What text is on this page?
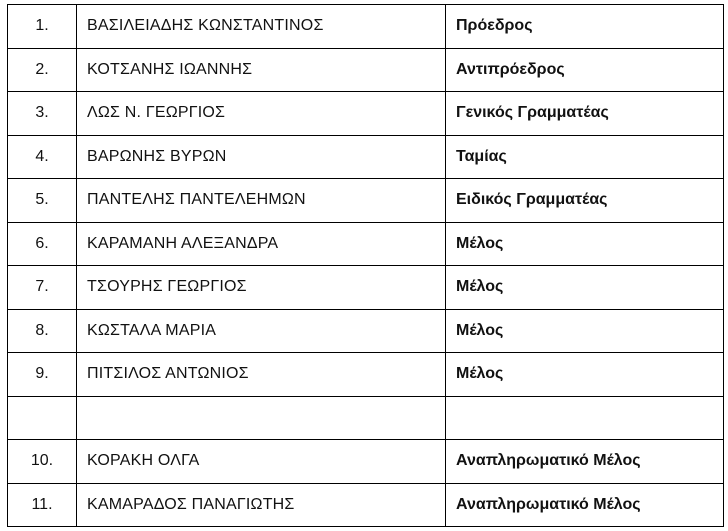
1.	ΒΑΣΙΛΕΙΑΔΗΣ ΚΩΝΣΤΑΝΤΙΝΟΣ	Πρόεδρος
2.	ΚΟΤΣΑΝΗΣ ΙΩΑΝΝΗΣ	Αντιπρόεδρος
3.	ΛΩΣ Ν. ΓΕΩΡΓΙΟΣ	Γενικός Γραμματέας
4.	ΒΑΡΩΝΗΣ ΒΥΡΩΝ	Ταμίας
5.	ΠΑΝΤΕΛΗΣ ΠΑΝΤΕΛΕΗΜΩΝ	Ειδικός Γραμματέας
6.	ΚΑΡΑΜΑΝΗ ΑΛΕΞΑΝΔΡΑ	Μέλος
7.	ΤΣΟΥΡΗΣ ΓΕΩΡΓΙΟΣ	Μέλος
8.	ΚΩΣΤΑΛΑ ΜΑΡΙΑ	Μέλος
9.	ΠΙΤΣΙΛΟΣ ΑΝΤΩΝΙΟΣ	Μέλος

10.	ΚΟΡΑΚΗ ΟΛΓΑ	Αναπληρωματικό Μέλος
11.	ΚΑΜΑΡΑΔΟΣ ΠΑΝΑΓΙΩΤΗΣ	Αναπληρωματικό Μέλος
